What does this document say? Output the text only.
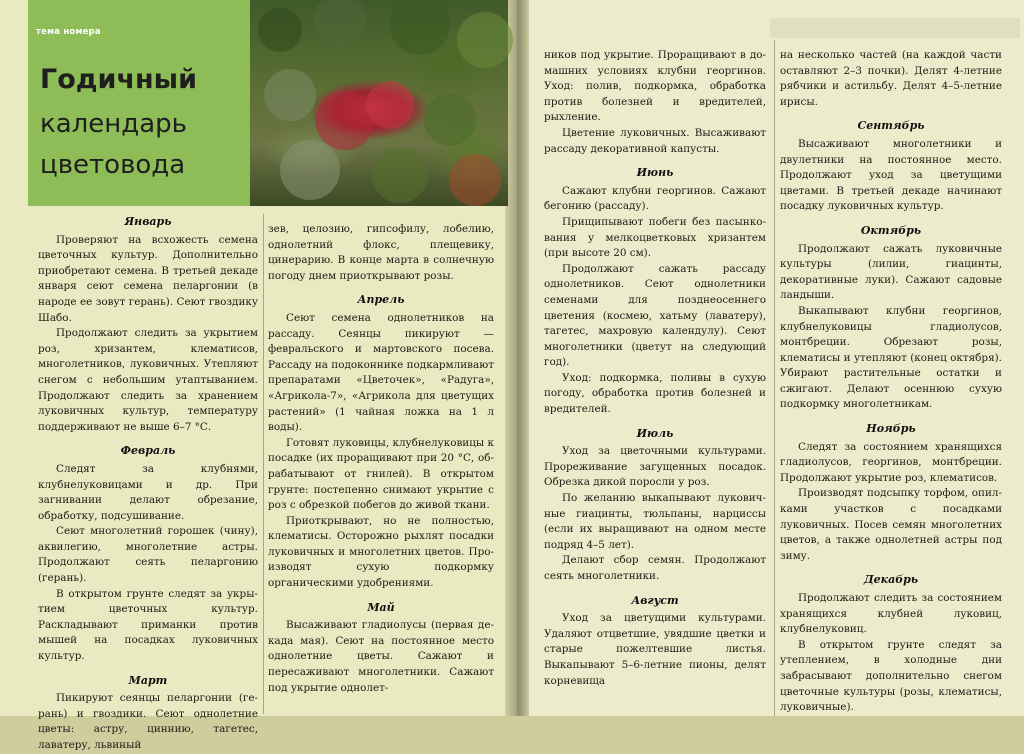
тема номера
Годичный
календарь
цветовода

Январь

Проверяют на всхожесть семена цветочных культур. Дополнительно приобретают семена. В третьей декаде января сеют семена пеларгонии (в народе ее зовут герань). Сеют гвоздику Шабо.

Продолжают следить за укрытием роз, хризантем, клематисов, многолетников, луковичных. Утепляют снегом с небольшим утаптыванием. Продолжают следить за хранением луковичных культур, температуру поддерживают не выше 6–7 °С.

Февраль

Следят за клубнями, клубнелуковицами и др. При загнивании делают обрезание, обработку, подсушивание.

Сеют многолетний горошек (чину), аквилегию, многолетние астры. Продолжают сеять пеларгонию (герань).

В открытом грунте следят за укрытием цветочных культур. Раскладывают приманки против мышей на посадках луковичных культур.

Март

Пикируют сеянцы пеларгонии (герань) и гвоздики. Сеют однолетние цветы: астру, циннию, тагетес, лаватеру, львиный

зев, целозию, гипсофилу, лобелию, однолетний флокс, плещевику, цинерарию. В конце марта в солнечную погоду днем приоткрывают розы.

Апрель

Сеют семена однолетников на рассаду. Сеянцы пикируют — февральского и мартовского посева. Рассаду на подоконнике подкармливают препаратами «Цветочек», «Радуга», «Агрикола-7», «Агрикола для цветущих растений» (1 чайная ложка на 1 л воды).

Готовят луковицы, клубнелуковицы к посадке (их проращивают при 20 °С, обрабатывают от гнилей). В открытом грунте: постепенно снимают укрытие с роз с обрезкой побегов до живой ткани.

Приоткрывают, но не полностью, клематисы. Осторожно рыхлят посадки луковичных и многолетних цветов. Производят сухую подкормку органическими удобрениями.

Май

Высаживают гладиолусы (первая декада мая). Сеют на постоянное место однолетние цветы. Сажают и пересаживают многолетники. Сажают под укрытие однолет-

ников под укрытие. Проращивают в домашних условиях клубни георгинов. Уход: полив, подкормка, обработка против болезней и вредителей, рыхление.

Цветение луковичных. Высаживают рассаду декоративной капусты.

Июнь

Сажают клубни георгинов. Сажают бегонию (рассаду).

Прищипывают побеги без пасынкования у мелкоцветковых хризантем (при высоте 20 см).

Продолжают сажать рассаду однолетников. Сеют однолетники семенами для позднеосеннего цветения (космею, хатьму (лаватеру), тагетес, махровую календулу). Сеют многолетники (цветут на следующий год).

Уход: подкормка, поливы в сухую погоду, обработка против болезней и вредителей.

Июль

Уход за цветочными культурами. Прореживание загущенных посадок. Обрезка дикой поросли у роз.

По желанию выкапывают луковичные гиацинты, тюльпаны, нарциссы (если их выращивают на одном месте подряд 4–5 лет).

Делают сбор семян. Продолжают сеять многолетники.

Август

Уход за цветущими культурами. Удаляют отцветшие, увядшие цветки и старые пожелтевшие листья. Выкапывают 5–6-летние пионы, делят корневища

на несколько частей (на каждой части оставляют 2–3 почки). Делят 4-летние рябчики и астильбу. Делят 4–5-летние ирисы.

Сентябрь

Высаживают многолетники и двулетники на постоянное место. Продолжают уход за цветущими цветами. В третьей декаде начинают посадку луковичных культур.

Октябрь

Продолжают сажать луковичные культуры (лилии, гиацинты, декоративные луки). Сажают садовые ландыши.

Выкапывают клубни георгинов, клубнелуковицы гладиолусов, монтбреции. Обрезают розы, клематисы и утепляют (конец октября). Убирают растительные остатки и сжигают. Делают осеннюю сухую подкормку многолетникам.

Ноябрь

Следят за состоянием хранящихся гладиолусов, георгинов, монтбреции. Продолжают укрытие роз, клематисов.

Производят подсыпку торфом, опилками участков с посадками луковичных. Посев семян многолетних цветов, а также однолетней астры под зиму.

Декабрь

Продолжают следить за состоянием хранящихся клубней луковиц, клубнелуковиц.

В открытом грунте следят за утеплением, в холодные дни забрасывают дополнительно снегом цветочные культуры (розы, клематисы, луковичные).
